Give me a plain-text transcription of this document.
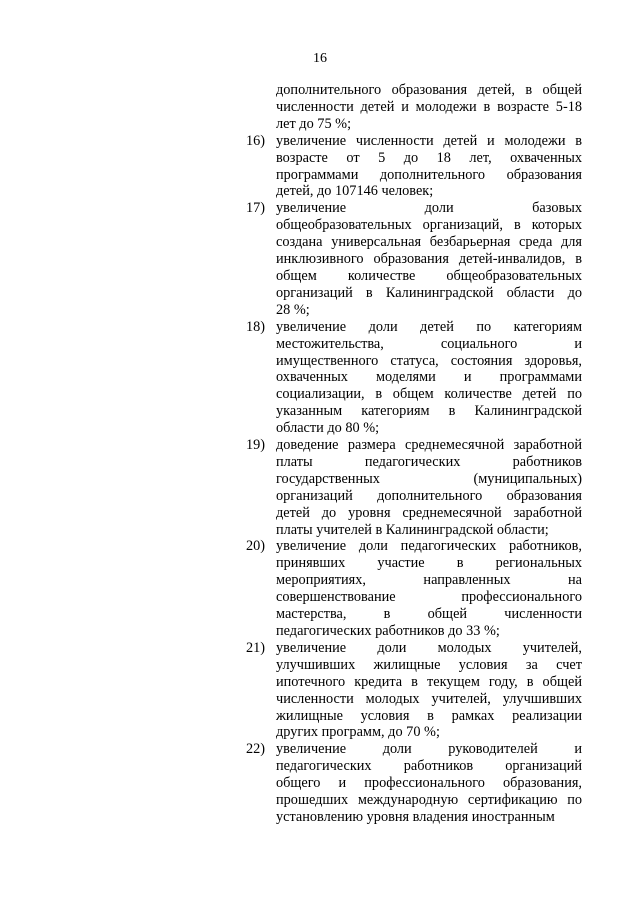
16
дополнительного образования детей, в общей
численности детей и молодежи в возрасте 5-18
лет до 75 %;
16) увеличение численности детей и молодежи в
возрасте от 5 до 18 лет, охваченных
программами дополнительного образования
детей, до 107146 человек;
17) увеличение доли базовых
общеобразовательных организаций, в которых
создана универсальная безбарьерная среда для
инклюзивного образования детей-инвалидов, в
общем количестве общеобразовательных
организаций в Калининградской области до
28 %;
18) увеличение доли детей по категориям
местожительства, социального и
имущественного статуса, состояния здоровья,
охваченных моделями и программами
социализации, в общем количестве детей по
указанным категориям в Калининградской
области до 80 %;
19) доведение размера среднемесячной заработной
платы педагогических работников
государственных (муниципальных)
организаций дополнительного образования
детей до уровня среднемесячной заработной
платы учителей в Калининградской области;
20) увеличение доли педагогических работников,
принявших участие в региональных
мероприятиях, направленных на
совершенствование профессионального
мастерства, в общей численности
педагогических работников до 33 %;
21) увеличение доли молодых учителей,
улучшивших жилищные условия за счет
ипотечного кредита в текущем году, в общей
численности молодых учителей, улучшивших
жилищные условия в рамках реализации
других программ, до 70 %;
22) увеличение доли руководителей и
педагогических работников организаций
общего и профессионального образования,
прошедших международную сертификацию по
установлению уровня владения иностранным
